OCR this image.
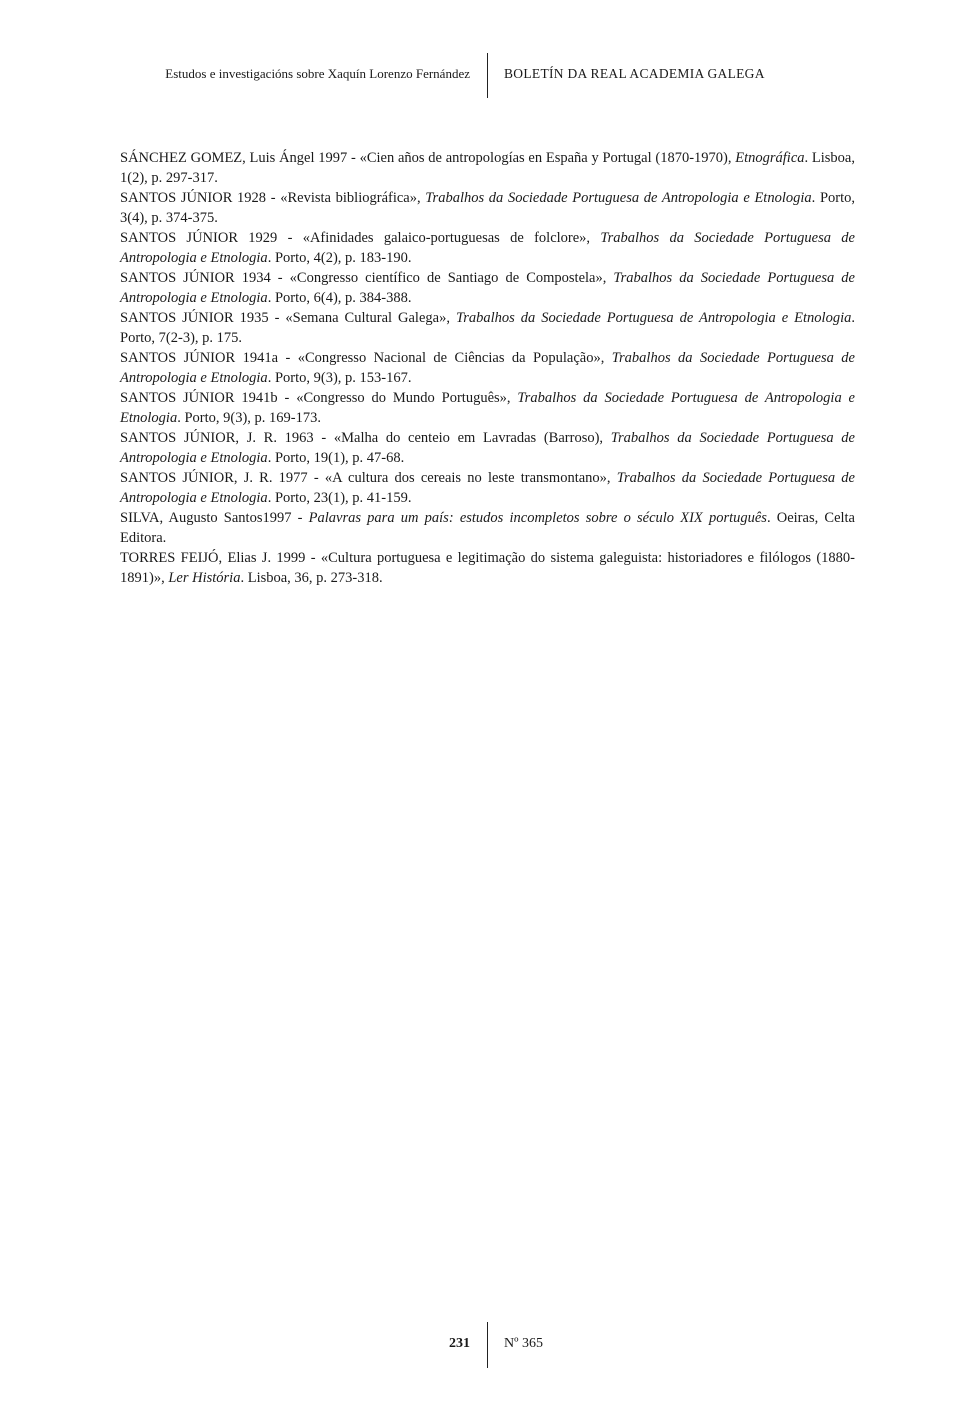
Estudos e investigacións sobre Xaquín Lorenzo Fernández	BOLETÍN DA REAL ACADEMIA GALEGA

SÁNCHEZ GOMEZ, Luis Ángel 1997 - «Cien años de antropologías en España y Portugal (1870-1970), Etnográfica. Lisboa, 1(2), p. 297-317.

SANTOS JÚNIOR 1928 - «Revista bibliográfica», Trabalhos da Sociedade Portuguesa de Antropologia e Etnologia. Porto, 3(4), p. 374-375.

SANTOS JÚNIOR 1929 - «Afinidades galaico-portuguesas de folclore», Trabalhos da Sociedade Portuguesa de Antropologia e Etnologia. Porto, 4(2), p. 183-190.

SANTOS JÚNIOR 1934 - «Congresso científico de Santiago de Compostela», Trabalhos da Sociedade Portuguesa de Antropologia e Etnologia. Porto, 6(4), p. 384-388.

SANTOS JÚNIOR 1935 - «Semana Cultural Galega», Trabalhos da Sociedade Portuguesa de Antropologia e Etnologia. Porto, 7(2-3), p. 175.

SANTOS JÚNIOR 1941a - «Congresso Nacional de Ciências da População», Trabalhos da Sociedade Portuguesa de Antropologia e Etnologia. Porto, 9(3), p. 153-167.

SANTOS JÚNIOR 1941b - «Congresso do Mundo Português», Trabalhos da Sociedade Portuguesa de Antropologia e Etnologia. Porto, 9(3), p. 169-173.

SANTOS JÚNIOR, J. R. 1963 - «Malha do centeio em Lavradas (Barroso), Trabalhos da Sociedade Portuguesa de Antropologia e Etnologia. Porto, 19(1), p. 47-68.

SANTOS JÚNIOR, J. R. 1977 - «A cultura dos cereais no leste transmontano», Trabalhos da Sociedade Portuguesa de Antropologia e Etnologia. Porto, 23(1), p. 41-159.

SILVA, Augusto Santos1997 - Palavras para um país: estudos incompletos sobre o século XIX português. Oeiras, Celta Editora.

TORRES FEIJÓ, Elias J. 1999 - «Cultura portuguesa e legitimação do sistema galeguista: historiadores e filólogos (1880-1891)», Ler História. Lisboa, 36, p. 273-318.

231 Nº 365
